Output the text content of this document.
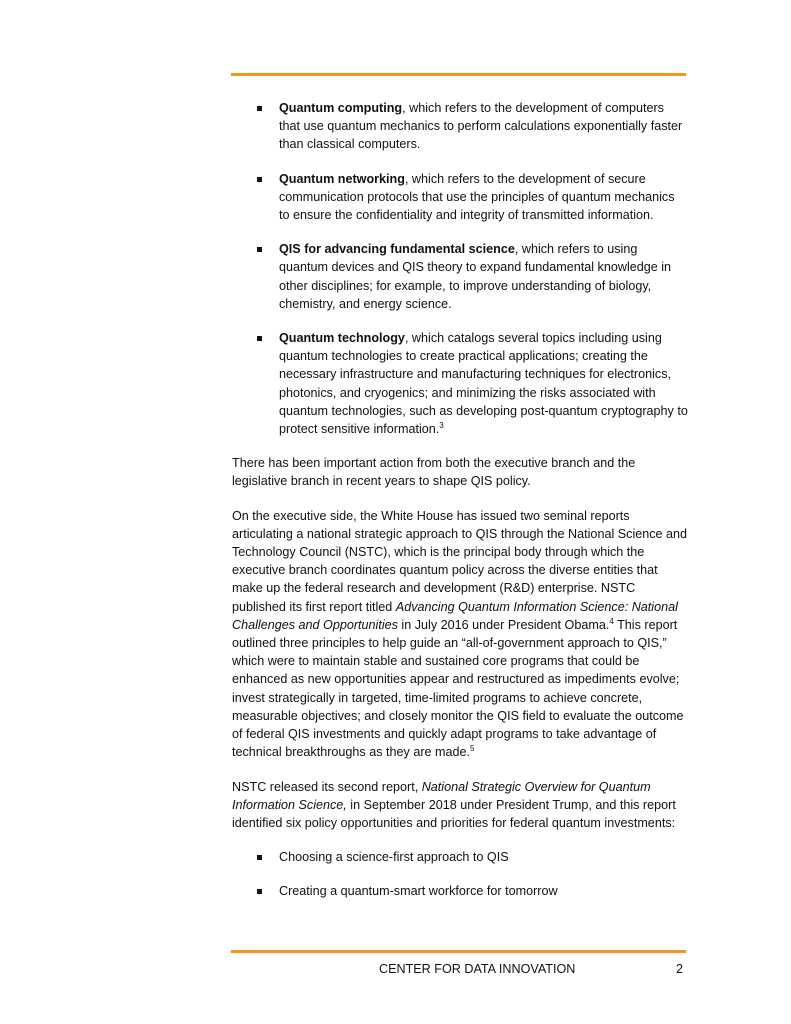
Quantum computing, which refers to the development of computers that use quantum mechanics to perform calculations exponentially faster than classical computers.
Quantum networking, which refers to the development of secure communication protocols that use the principles of quantum mechanics to ensure the confidentiality and integrity of transmitted information.
QIS for advancing fundamental science, which refers to using quantum devices and QIS theory to expand fundamental knowledge in other disciplines; for example, to improve understanding of biology, chemistry, and energy science.
Quantum technology, which catalogs several topics including using quantum technologies to create practical applications; creating the necessary infrastructure and manufacturing techniques for electronics, photonics, and cryogenics; and minimizing the risks associated with quantum technologies, such as developing post-quantum cryptography to protect sensitive information.$^3$

There has been important action from both the executive branch and the legislative branch in recent years to shape QIS policy.

On the executive side, the White House has issued two seminal reports articulating a national strategic approach to QIS through the National Science and Technology Council (NSTC), which is the principal body through which the executive branch coordinates quantum policy across the diverse entities that make up the federal research and development (R&D) enterprise. NSTC published its first report titled Advancing Quantum Information Science: National Challenges and Opportunities in July 2016 under President Obama.$^4$ This report outlined three principles to help guide an “all-of-government approach to QIS,” which were to maintain stable and sustained core programs that could be enhanced as new opportunities appear and restructured as impediments evolve; invest strategically in targeted, time-limited programs to achieve concrete, measurable objectives; and closely monitor the QIS field to evaluate the outcome of federal QIS investments and quickly adapt programs to take advantage of technical breakthroughs as they are made.$^5$

NSTC released its second report, National Strategic Overview for Quantum Information Science, in September 2018 under President Trump, and this report identified six policy opportunities and priorities for federal quantum investments:

Choosing a science-first approach to QIS
Creating a quantum-smart workforce for tomorrow
CENTER FOR DATA INNOVATION	2
